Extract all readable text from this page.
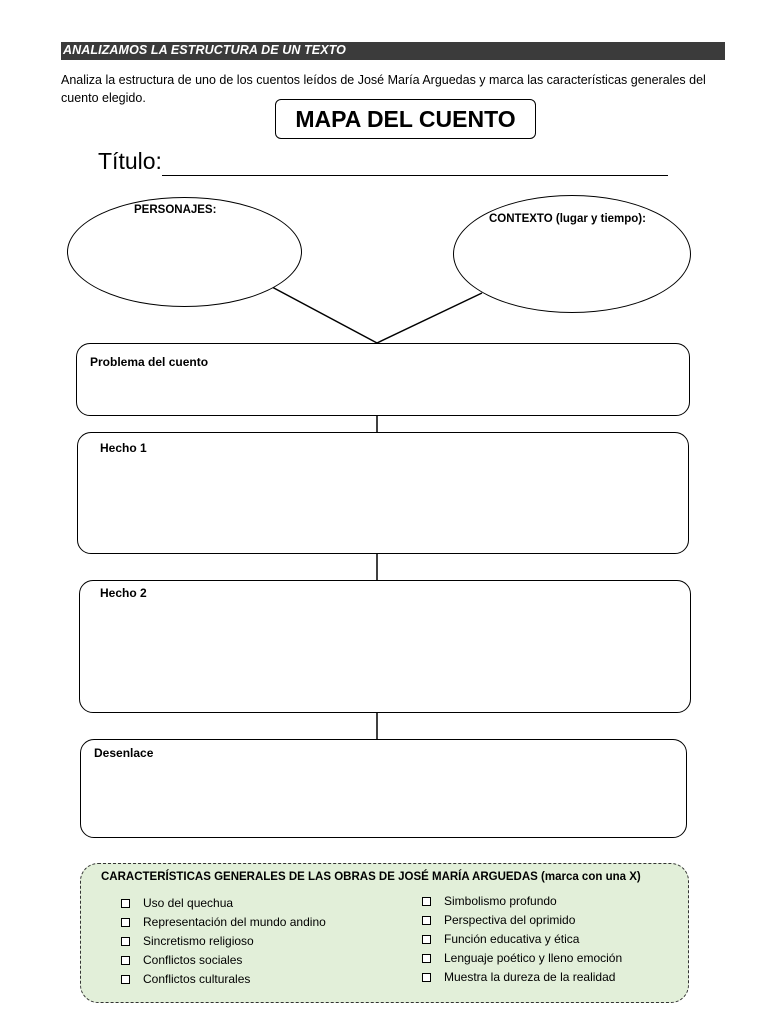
ANALIZAMOS LA ESTRUCTURA DE UN TEXTO
Analiza la estructura de uno de los cuentos leídos de José María Arguedas y marca las características generales del cuento elegido.
MAPA DEL CUENTO
Título:
PERSONAJES:
CONTEXTO (lugar y tiempo):
Problema del cuento
Hecho 1
Hecho 2
Desenlace
CARACTERÍSTICAS GENERALES DE LAS OBRAS DE JOSÉ MARÍA ARGUEDAS (marca con una X)
Uso del quechua
Representación del mundo andino
Sincretismo religioso
Conflictos sociales
Conflictos culturales
Simbolismo profundo
Perspectiva del oprimido
Función educativa y ética
Lenguaje poético y lleno emoción
Muestra la dureza de la realidad
